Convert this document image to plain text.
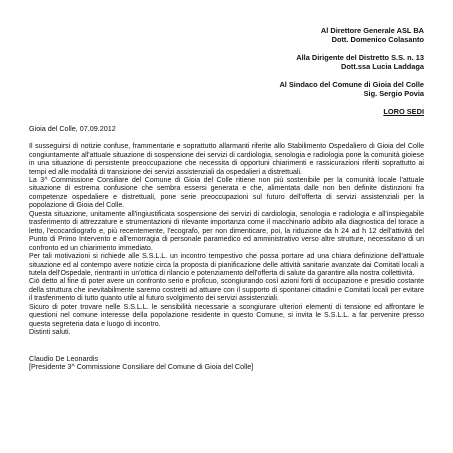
Al Direttore Generale ASL BA
Dott. Domenico Colasanto
Alla Dirigente del Distretto S.S. n. 13
Dott.ssa Lucia Laddaga
Al Sindaco del Comune di Gioia del Colle
Sig. Sergio Povia
LORO SEDI
Gioia del Colle, 07.09.2012

Il susseguirsi di notizie confuse, frammentarie e soprattutto allarmanti riferite allo Stabilimento Ospedaliero di Gioia del Colle congiuntamente all'attuale situazione di sospensione dei servizi di cardiologia, senologia e radiologia pone la comunità gioiese in una situazione di persistente preoccupazione che necessita di opportuni chiarimenti e rassicurazioni riferiti soprattutto ai tempi ed alle modalità di transizione dei servizi assistenziali da ospedalieri a distrettuali.

La 3^ Commissione Consiliare del Comune di Gioia del Colle ritiene non più sostenibile per la comunità locale l'attuale situazione di estrema confusione che sembra essersi generata e che, alimentata dalle non ben definite distinzioni fra competenze ospedaliere e distrettuali, pone serie preoccupazioni sul futuro dell'offerta di servizi assistenziali per la popolazione di Gioia del Colle.

Questa situazione, unitamente all'ingiustificata sospensione dei servizi di cardiologia, senologia e radiologia e all'inspiegabile trasferimento di attrezzature e strumentazioni di rilevante importanza come il macchinario adibito alla diagnostica del torace a letto, l'ecocardiografo e, più recentemente, l'ecografo, per non dimenticare, poi, la riduzione da h 24 ad h 12 dell'attività del Punto di Primo Intervento e all'emorragia di personale paramedico ed amministrativo verso altre strutture, necessitano di un confronto ed un chiarimento immediato.

Per tali motivazioni si richiede alle S.S.L.L. un incontro tempestivo che possa portare ad una chiara definizione dell'attuale situazione ed al contempo avere notizie circa la proposta di pianificazione delle attività sanitarie avanzate dai Comitati locali a tutela dell'Ospedale, rientranti in un'ottica di rilancio e potenziamento dell'offerta di salute da garantire alla nostra collettività.

Ciò detto al fine di poter avere un confronto serio e proficuo, scongiurando così azioni forti di occupazione e presidio costante della struttura che inevitabilmente saremo costretti ad attuare con il supporto di spontanei cittadini e Comitati locali per evitare il trasferimento di tutto quanto utile al futuro svolgimento dei servizi assistenziali.

Sicuro di poter trovare nelle S.S.L.L. le sensibilità necessarie a scongiurare ulteriori elementi di tensione ed affrontare le questioni nel comune interesse della popolazione residente in questo Comune, si invita le S.S.L.L. a far pervenire presso questa segreteria data e luogo di incontro.

Distinti saluti.

Claudio De Leonardis
[Presidente 3^ Commissione Consiliare del Comune di Gioia del Colle]
